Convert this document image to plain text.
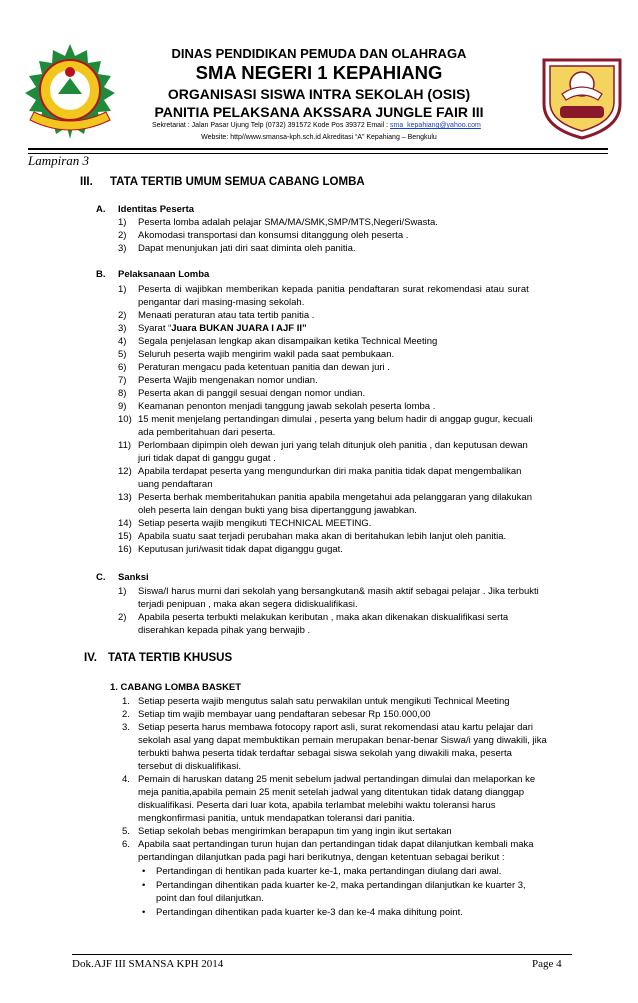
DINAS PENDIDIKAN PEMUDA DAN OLAHRAGA
SMA NEGERI 1 KEPAHIANG
ORGANISASI SISWA INTRA SEKOLAH (OSIS)
PANITIA PELAKSANA AKSSARA JUNGLE FAIR III
Sekretariat : Jalan Pasar Ujung Telp (0732) 391572 Kode Pos 39372 Email : sma_kepahiang@yahoo.com
Website: http//www.smansa-kph.sch.id Akreditasi “A” Kepahiang – Bengkulu
Lampiran 3
III. TATA TERTIB UMUM SEMUA CABANG LOMBA
A. Identitas Peserta
1) Peserta lomba adalah pelajar SMA/MA/SMK,SMP/MTS,Negeri/Swasta.
2) Akomodasi transportasi dan konsumsi ditanggung oleh peserta .
3) Dapat menunjukan jati diri saat diminta oleh panitia.
B. Pelaksanaan Lomba
1) Peserta di wajibkan memberikan kepada panitia pendaftaran surat rekomendasi atau surat
pengantar dari masing-masing sekolah.
2) Menaati peraturan atau tata tertib panitia .
3) Syarat “Juara BUKAN JUARA I AJF II”
4) Segala penjelasan lengkap akan disampaikan ketika Technical Meeting
5) Seluruh peserta wajib mengirim wakil pada saat pembukaan.
6) Peraturan mengacu pada ketentuan panitia dan dewan juri .
7) Peserta Wajib mengenakan nomor undian.
8) Peserta akan di panggil sesuai dengan nomor undian.
9) Keamanan penonton menjadi tanggung jawab sekolah peserta lomba .
10) 15 menit menjelang pertandingan dimulai , peserta yang belum hadir di anggap gugur, kecuali
ada pemberitahuan dari peserta.
11) Perlombaan dipimpin oleh dewan juri yang telah ditunjuk oleh panitia , dan keputusan dewan
juri tidak dapat di ganggu gugat .
12) Apabila terdapat peserta yang mengundurkan diri maka panitia tidak dapat mengembalikan
uang pendaftaran
13) Peserta berhak memberitahukan panitia apabila mengetahui ada pelanggaran yang dilakukan
oleh peserta lain dengan bukti yang bisa dipertanggung jawabkan.
14) Setiap peserta wajib mengikuti TECHNICAL MEETING.
15) Apabila suatu saat terjadi perubahan maka akan di beritahukan lebih lanjut oleh panitia.
16) Keputusan juri/wasit tidak dapat diganggu gugat.
C. Sanksi
1) Siswa/I harus murni dari sekolah yang bersangkutan& masih aktif sebagai pelajar . Jika terbukti
terjadi penipuan , maka akan segera didiskualifikasi.
2) Apabila peserta terbukti melakukan keributan , maka akan dikenakan diskualifikasi serta
diserahkan kepada pihak yang berwajib .
IV. TATA TERTIB KHUSUS
1. CABANG LOMBA BASKET
1. Setiap peserta wajib mengutus salah satu perwakilan untuk mengikuti Technical Meeting
2. Setiap tim wajib membayar uang pendaftaran sebesar Rp 150.000,00
3. Setiap peserta harus membawa fotocopy raport asli, surat rekomendasi atau kartu pelajar dari
sekolah asal yang dapat membuktikan pemain merupakan benar-benar Siswa/i yang diwakili, jika
terbukti bahwa peserta tidak terdaftar sebagai siswa sekolah yang diwakili maka, peserta
tersebut di diskualifikasi.
4. Pemain di haruskan datang 25 menit sebelum jadwal pertandingan dimulai dan melaporkan ke
meja panitia,apabila pemain 25 menit setelah jadwal yang ditentukan tidak datang dianggap
diskualifikasi. Peserta dari luar kota, apabila terlambat melebihi waktu toleransi harus
mengkonfirmasi panitia, untuk mendapatkan toleransi dari panitia.
5. Setiap sekolah bebas mengirimkan berapapun tim yang ingin ikut sertakan
6. Apabila saat pertandingan turun hujan dan pertandingan tidak dapat dilanjutkan kembali maka
pertandingan dilanjutkan pada pagi hari berikutnya, dengan ketentuan sebagai berikut :
• Pertandingan di hentikan pada kuarter ke-1, maka pertandingan diulang dari awal.
• Pertandingan dihentikan pada kuarter ke-2, maka pertandingan dilanjutkan ke kuarter 3,
point dan foul dilanjutkan.
• Pertandingan dihentikan pada kuarter ke-3 dan ke-4 maka dihitung point.
Dok.AJF III SMANSA KPH 2014	Page 4
